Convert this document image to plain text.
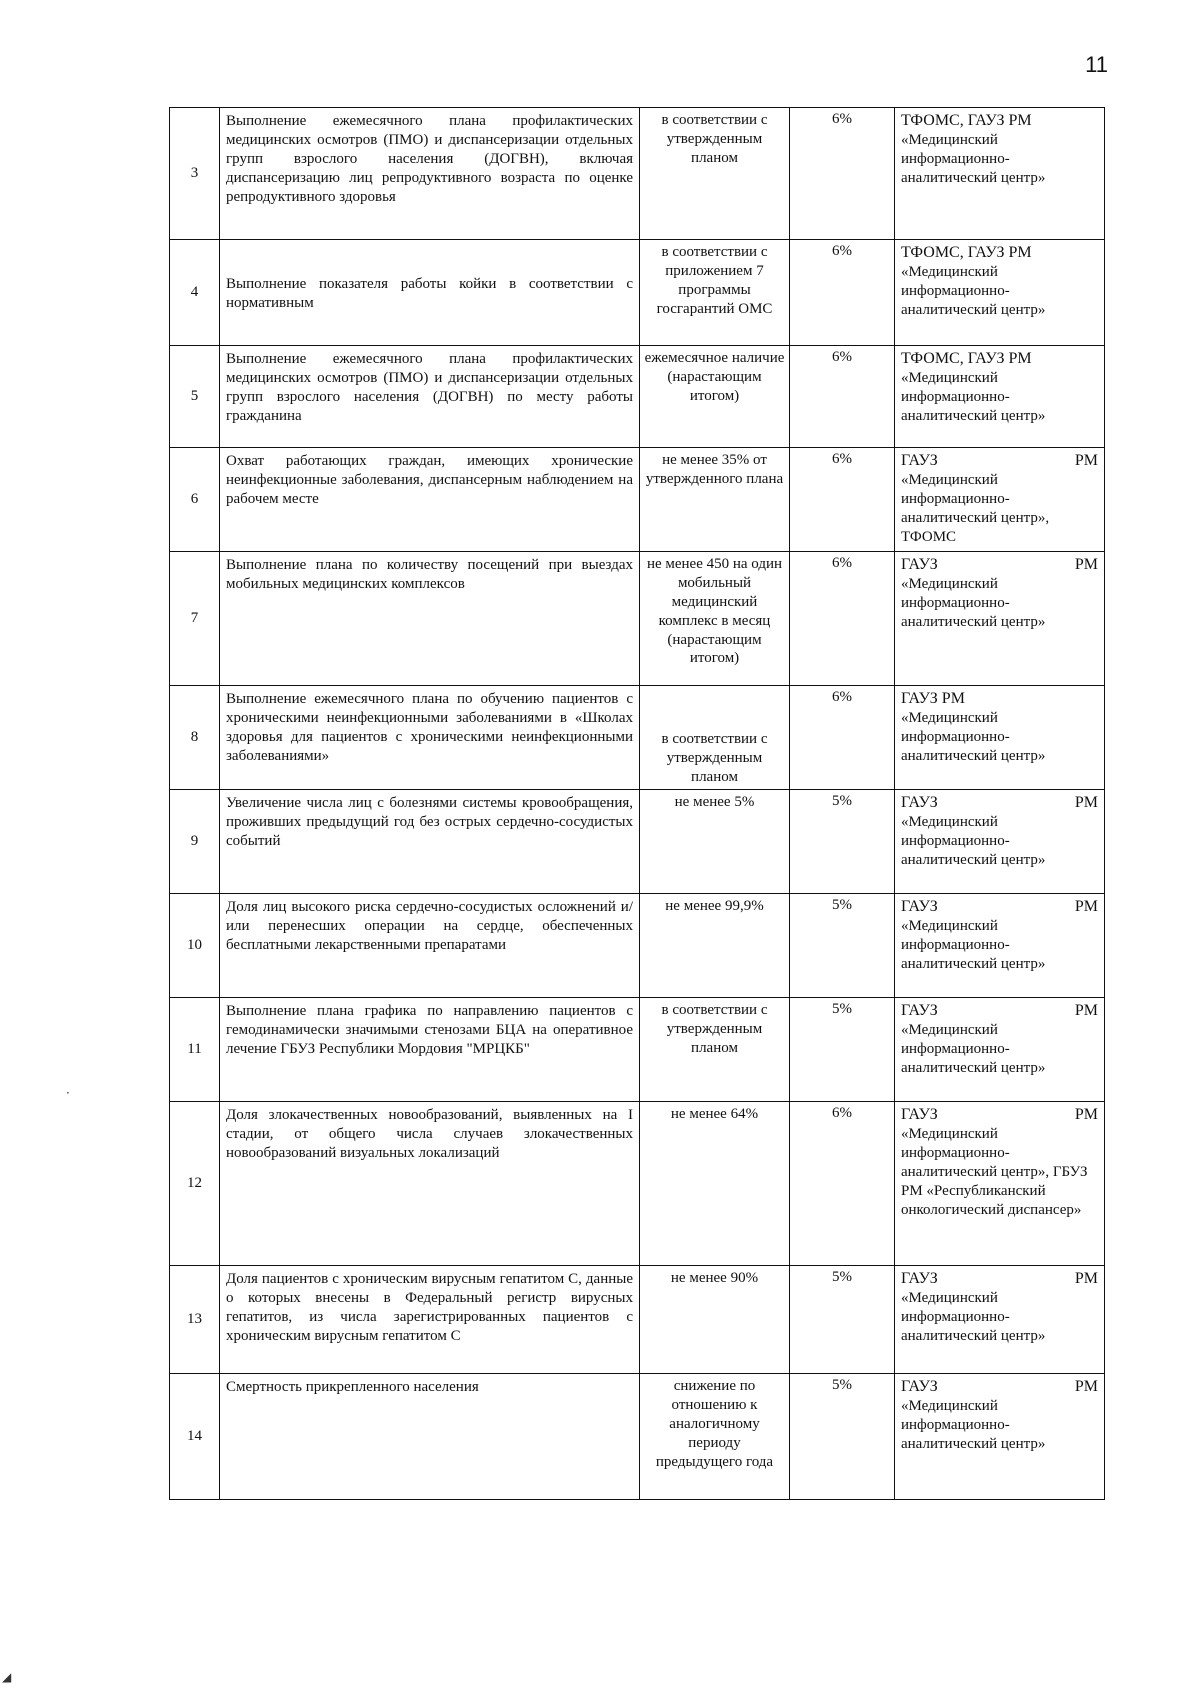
11
3	Выполнение ежемесячного плана профилактических медицинских осмотров (ПМО) и диспансеризации отдельных групп взрослого населения (ДОГВН), включая диспансеризацию лиц репродуктивного возраста по оценке репродуктивного здоровья	в соответствии с утвержденным планом	6%	ТФОМС, ГАУЗ РМ
«Медицинский информационно-аналитический центр»

4	Выполнение показателя работы койки в соответствии с нормативным	в соответствии с приложением 7 программы госгарантий ОМС	6%	ТФОМС, ГАУЗ РМ
«Медицинский информационно-аналитический центр»

5	Выполнение ежемесячного плана профилактических медицинских осмотров (ПМО) и диспансеризации отдельных групп взрослого населения (ДОГВН) по месту работы гражданина	ежемесячное наличие (нарастающим итогом)	6%	ТФОМС, ГАУЗ РМ
«Медицинский информационно-аналитический центр»

6	Охват работающих граждан, имеющих хронические неинфекционные заболевания, диспансерным наблюдением на рабочем месте	не менее 35% от утвержденного плана	6%	ГАУЗ РМ
«Медицинский информационно-аналитический центр», ТФОМС

7	Выполнение плана по количеству посещений при выездах мобильных медицинских комплексов	не менее 450 на один мобильный медицинский комплекс в месяц (нарастающим итогом)	6%	ГАУЗ РМ
«Медицинский информационно-аналитический центр»

8	Выполнение ежемесячного плана по обучению пациентов с хроническими неинфекционными заболеваниями в «Школах здоровья для пациентов с хроническими неинфекционными заболеваниями»	в соответствии с утвержденным планом	6%	ГАУЗ РМ
«Медицинский информационно-аналитический центр»

9	Увеличение числа лиц с болезнями системы кровообращения, проживших предыдущий год без острых сердечно-сосудистых событий	не менее 5%	5%	ГАУЗ РМ
«Медицинский информационно-аналитический центр»

10	Доля лиц высокого риска сердечно-сосудистых осложнений и/или перенесших операции на сердце, обеспеченных бесплатными лекарственными препаратами	не менее 99,9%	5%	ГАУЗ РМ
«Медицинский информационно-аналитический центр»

11	Выполнение плана графика по направлению пациентов с гемодинамически значимыми стенозами БЦА на оперативное лечение ГБУЗ Республики Мордовия "МРЦКБ"	в соответствии с утвержденным планом	5%	ГАУЗ РМ
«Медицинский информационно-аналитический центр»

12	Доля злокачественных новообразований, выявленных на I стадии, от общего числа случаев злокачественных новообразований визуальных локализаций	не менее 64%	6%	ГАУЗ РМ
«Медицинский информационно-аналитический центр», ГБУЗ РМ «Республиканский онкологический диспансер»

13	Доля пациентов с хроническим вирусным гепатитом С, данные о которых внесены в Федеральный регистр вирусных гепатитов, из числа зарегистрированных пациентов с хроническим вирусным гепатитом С	не менее 90%	5%	ГАУЗ РМ
«Медицинский информационно-аналитический центр»

14	Смертность прикрепленного населения	снижение по отношению к аналогичному периоду предыдущего года	5%	ГАУЗ РМ
«Медицинский информационно-аналитический центр»
·
◢
